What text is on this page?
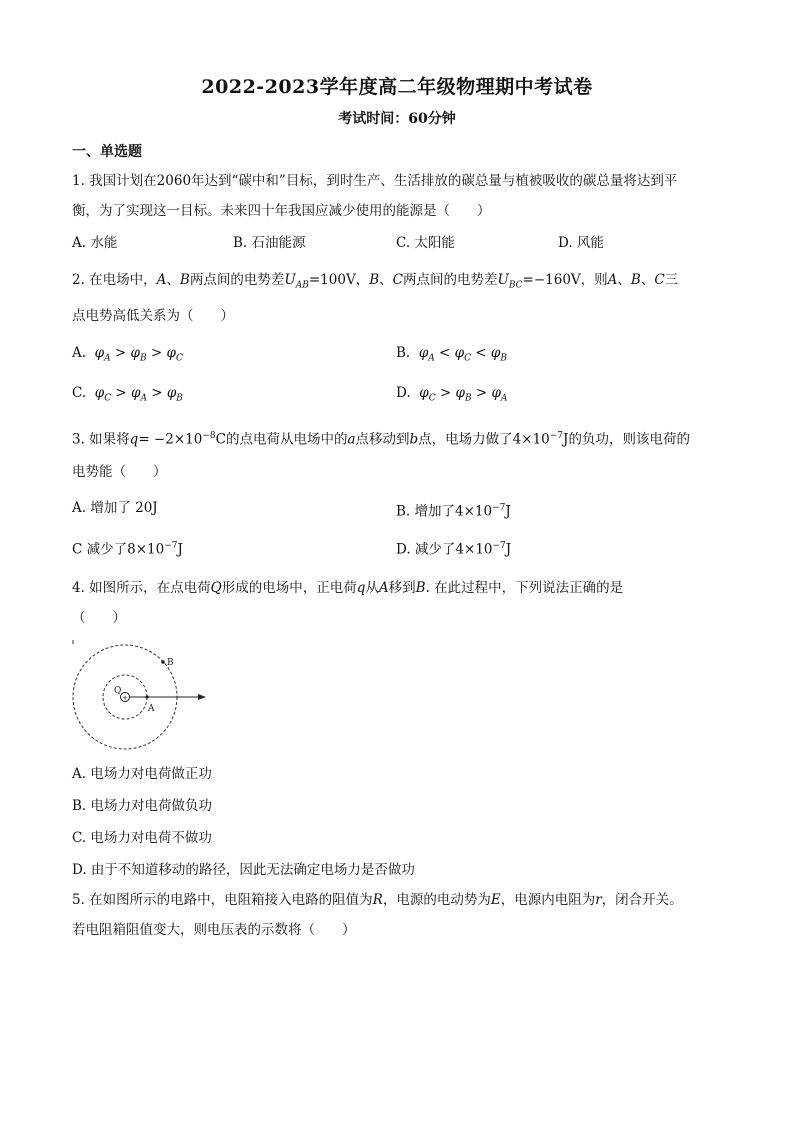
2022-2023学年度高二年级物理期中考试卷
考试时间：60分钟
一、单选题
1. 我国计划在2060年达到“碳中和”目标，到时生产、生活排放的碳总量与植被吸收的碳总量将达到平
衡，为了实现这一目标。未来四十年我国应减少使用的能源是（　　）
A. 水能	B. 石油能源	C. 太阳能	D. 风能
2. 在电场中，A、B两点间的电势差$U_{AB}=100V$，B、C两点间的电势差$U_{BC}=-160V$，则A、B、C三
点电势高低关系为（　　）
A. $\varphi_A > \varphi_B > \varphi_C$	B. $\varphi_A < \varphi_C < \varphi_B$
C. $\varphi_C > \varphi_A > \varphi_B$	D. $\varphi_C > \varphi_B > \varphi_A$
3. 如果将$q= -2\times 10^{-8}C$的点电荷从电场中的a点移动到b点，电场力做了$4\times 10^{-7}J$的负功，则该电荷的
电势能（　　）
A. 增加了 20J	B. 增加了$4\times 10^{-7}J$
C 减少了$8\times 10^{-7}J$	D. 减少了$4\times 10^{-7}J$
4. 如图所示，在点电荷Q形成的电场中，正电荷q从A移到B. 在此过程中，下列说法正确的是
（　　）
+
Q
A
B
A. 电场力对电荷做正功
B. 电场力对电荷做负功
C. 电场力对电荷不做功
D. 由于不知道移动的路径，因此无法确定电场力是否做功
5. 在如图所示的电路中，电阻箱接入电路的阻值为R，电源的电动势为E，电源内电阻为r，闭合开关。
若电阻箱阻值变大，则电压表的示数将（　　）
